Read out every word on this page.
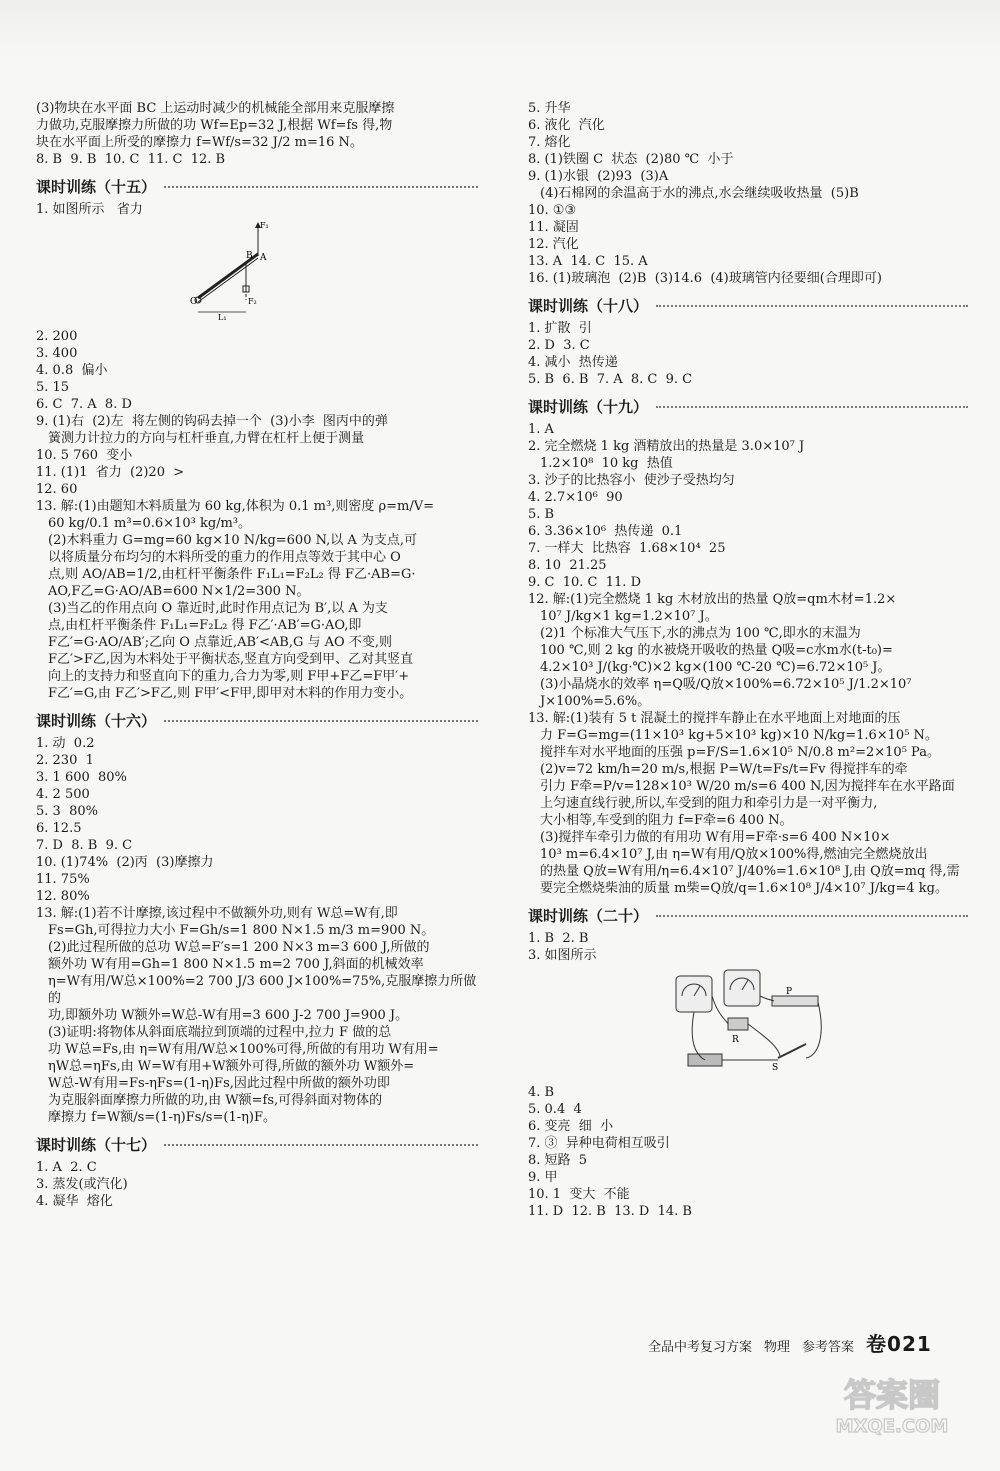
(3)物块在水平面 BC 上运动时减少的机械能全部用来克服摩擦

力做功,克服摩擦力所做的功 Wf=Ep=32 J,根据 Wf=fs 得,物

块在水平面上所受的摩擦力 f=Wf/s=32 J/2 m=16 N。

8. B  9. B  10. C  11. C  12. B

课时训练（十五）

1. 如图所示   省力

O
A
B
F₁
L₁
F₂

2. 200

3. 400

4. 0.8  偏小

5. 15

6. C  7. A  8. D

9. (1)右  (2)左  将左侧的钩码去掉一个  (3)小李  图丙中的弹

簧测力计拉力的方向与杠杆垂直,力臂在杠杆上便于测量

10. 5 760  变小

11. (1)1  省力  (2)20  >

12. 60

13. 解:(1)由题知木料质量为 60 kg,体积为 0.1 m³,则密度 ρ=m/V=

60 kg/0.1 m³=0.6×10³ kg/m³。

(2)木料重力 G=mg=60 kg×10 N/kg=600 N,以 A 为支点,可

以将质量分布均匀的木料所受的重力的作用点等效于其中心 O

点,则 AO/AB=1/2,由杠杆平衡条件 F₁L₁=F₂L₂ 得 F乙·AB=G·

AO,F乙=G·AO/AB=600 N×1/2=300 N。

(3)当乙的作用点向 O 靠近时,此时作用点记为 B′,以 A 为支

点,由杠杆平衡条件 F₁L₁=F₂L₂ 得 F乙′·AB′=G·AO,即

F乙′=G·AO/AB′;乙向 O 点靠近,AB′<AB,G 与 AO 不变,则

F乙′>F乙,因为木料处于平衡状态,竖直方向受到甲、乙对其竖直

向上的支持力和竖直向下的重力,合力为零,则 F甲+F乙=F甲′+

F乙′=G,由 F乙′>F乙,则 F甲′<F甲,即甲对木料的作用力变小。

课时训练（十六）

1. 动  0.2

2. 230  1

3. 1 600  80%

4. 2 500

5. 3  80%

6. 12.5

7. D  8. B  9. C

10. (1)74%  (2)丙  (3)摩擦力

11. 75%

12. 80%

13. 解:(1)若不计摩擦,该过程中不做额外功,则有 W总=W有,即

Fs=Gh,可得拉力大小 F=Gh/s=1 800 N×1.5 m/3 m=900 N。

(2)此过程所做的总功 W总=F′s=1 200 N×3 m=3 600 J,所做的

额外功 W有用=Gh=1 800 N×1.5 m=2 700 J,斜面的机械效率

η=W有用/W总×100%=2 700 J/3 600 J×100%=75%,克服摩擦力所做的

功,即额外功 W额外=W总-W有用=3 600 J-2 700 J=900 J。

(3)证明:将物体从斜面底端拉到顶端的过程中,拉力 F 做的总

功 W总=Fs,由 η=W有用/W总×100%可得,所做的有用功 W有用=

ηW总=ηFs,由 W=W有用+W额外可得,所做的额外功 W额外=

W总-W有用=Fs-ηFs=(1-η)Fs,因此过程中所做的额外功即

为克服斜面摩擦力所做的功,由 W额=fs,可得斜面对物体的

摩擦力 f=W额/s=(1-η)Fs/s=(1-η)F。

课时训练（十七）

1. A  2. C

3. 蒸发(或汽化)

4. 凝华  熔化

5. 升华

6. 液化  汽化

7. 熔化

8. (1)铁圈 C  状态  (2)80 ℃  小于

9. (1)水银  (2)93  (3)A

(4)石棉网的余温高于水的沸点,水会继续吸收热量  (5)B

10. ①③

11. 凝固

12. 汽化

13. A  14. C  15. A

16. (1)玻璃泡  (2)B  (3)14.6  (4)玻璃管内径要细(合理即可)

课时训练（十八）

1. 扩散  引

2. D  3. C

4. 减小  热传递

5. B  6. B  7. A  8. C  9. C

课时训练（十九）

1. A

2. 完全燃烧 1 kg 酒精放出的热量是 3.0×10⁷ J

1.2×10⁸  10 kg  热值

3. 沙子的比热容小  使沙子受热均匀

4. 2.7×10⁶  90

5. B

6. 3.36×10⁶  热传递  0.1

7. 一样大  比热容  1.68×10⁴  25

8. 10  21.25

9. C  10. C  11. D

12. 解:(1)完全燃烧 1 kg 木材放出的热量 Q放=qm木材=1.2×

10⁷ J/kg×1 kg=1.2×10⁷ J。

(2)1 个标准大气压下,水的沸点为 100 ℃,即水的末温为

100 ℃,则 2 kg 的水被烧开吸收的热量 Q吸=c水m水(t-t₀)=

4.2×10³ J/(kg·℃)×2 kg×(100 ℃-20 ℃)=6.72×10⁵ J。

(3)小晶烧水的效率 η=Q吸/Q放×100%=6.72×10⁵ J/1.2×10⁷ J×100%=5.6%。

13. 解:(1)装有 5 t 混凝土的搅拌车静止在水平地面上对地面的压

力 F=G=mg=(11×10³ kg+5×10³ kg)×10 N/kg=1.6×10⁵ N。

搅拌车对水平地面的压强 p=F/S=1.6×10⁵ N/0.8 m²=2×10⁵ Pa。

(2)v=72 km/h=20 m/s,根据 P=W/t=Fs/t=Fv 得搅拌车的牵

引力 F牵=P/v=128×10³ W/20 m/s=6 400 N,因为搅拌车在水平路面

上匀速直线行驶,所以,车受到的阻力和牵引力是一对平衡力,

大小相等,车受到的阻力 f=F牵=6 400 N。

(3)搅拌车牵引力做的有用功 W有用=F牵·s=6 400 N×10×

10³ m=6.4×10⁷ J,由 η=W有用/Q放×100%得,燃油完全燃烧放出

的热量 Q放=W有用/η=6.4×10⁷ J/40%=1.6×10⁸ J,由 Q放=mq 得,需

要完全燃烧柴油的质量 m柴=Q放/q=1.6×10⁸ J/4×10⁷ J/kg=4 kg。

课时训练（二十）

1. B  2. B

3. 如图所示

R
P
S

4. B

5. 0.4  4

6. 变亮  细  小

7. ③  异种电荷相互吸引

8. 短路  5

9. 甲

10. 1  变大  不能

11. D  12. B  13. D  14. B

全品中考复习方案 物理 参考答案 卷021
答案圈
MXQE.COM
